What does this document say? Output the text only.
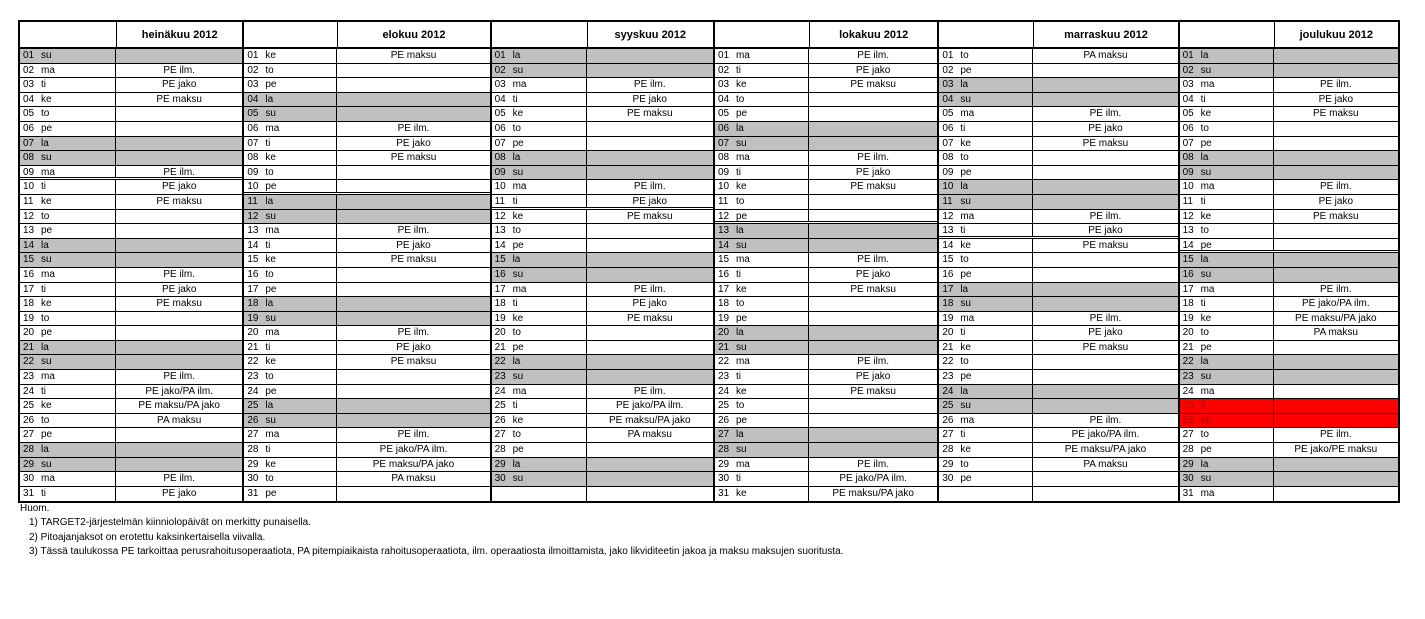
heinäkuu 2012
01 su
02 ma	PE ilm.
03 ti	PE jako
04 ke	PE maksu
05 to
06 pe
07 la
08 su
09 ma	PE ilm.
10 ti	PE jako
11 ke	PE maksu
12 to
13 pe
14 la
15 su
16 ma	PE ilm.
17 ti	PE jako
18 ke	PE maksu
19 to
20 pe
21 la
22 su
23 ma	PE ilm.
24 ti	PE jako/PA ilm.
25 ke	PE maksu/PA jako
26 to	PA maksu
27 pe
28 la
29 su
30 ma	PE ilm.
31 ti	PE jako
elokuu 2012
01 ke	PE maksu
02 to
03 pe
04 la
05 su
06 ma	PE ilm.
07 ti	PE jako
08 ke	PE maksu
09 to
10 pe
11 la
12 su
13 ma	PE ilm.
14 ti	PE jako
15 ke	PE maksu
16 to
17 pe
18 la
19 su
20 ma	PE ilm.
21 ti	PE jako
22 ke	PE maksu
23 to
24 pe
25 la
26 su
27 ma	PE ilm.
28 ti	PE jako/PA ilm.
29 ke	PE maksu/PA jako
30 to	PA maksu
31 pe
syyskuu 2012
01 la
02 su
03 ma	PE ilm.
04 ti	PE jako
05 ke	PE maksu
06 to
07 pe
08 la
09 su
10 ma	PE ilm.
11 ti	PE jako
12 ke	PE maksu
13 to
14 pe
15 la
16 su
17 ma	PE ilm.
18 ti	PE jako
19 ke	PE maksu
20 to
21 pe
22 la
23 su
24 ma	PE ilm.
25 ti	PE jako/PA ilm.
26 ke	PE maksu/PA jako
27 to	PA maksu
28 pe
29 la
30 su
lokakuu 2012
01 ma	PE ilm.
02 ti	PE jako
03 ke	PE maksu
04 to
05 pe
06 la
07 su
08 ma	PE ilm.
09 ti	PE jako
10 ke	PE maksu
11 to
12 pe
13 la
14 su
15 ma	PE ilm.
16 ti	PE jako
17 ke	PE maksu
18 to
19 pe
20 la
21 su
22 ma	PE ilm.
23 ti	PE jako
24 ke	PE maksu
25 to
26 pe
27 la
28 su
29 ma	PE ilm.
30 ti	PE jako/PA ilm.
31 ke	PE maksu/PA jako
marraskuu 2012
01 to	PA maksu
02 pe
03 la
04 su
05 ma	PE ilm.
06 ti	PE jako
07 ke	PE maksu
08 to
09 pe
10 la
11 su
12 ma	PE ilm.
13 ti	PE jako
14 ke	PE maksu
15 to
16 pe
17 la
18 su
19 ma	PE ilm.
20 ti	PE jako
21 ke	PE maksu
22 to
23 pe
24 la
25 su
26 ma	PE ilm.
27 ti	PE jako/PA ilm.
28 ke	PE maksu/PA jako
29 to	PA maksu
30 pe
joulukuu 2012
01 la
02 su
03 ma	PE ilm.
04 ti	PE jako
05 ke	PE maksu
06 to
07 pe
08 la
09 su
10 ma	PE ilm.
11 ti	PE jako
12 ke	PE maksu
13 to
14 pe
15 la
16 su
17 ma	PE ilm.
18 ti	PE jako/PA ilm.
19 ke	PE maksu/PA jako
20 to	PA maksu
21 pe
22 la
23 su
24 ma
25 ti
26 ke
27 to	PE ilm.
28 pe	PE jako/PE maksu
29 la
30 su
31 ma
Huom.
1) TARGET2-järjestelmän kiinniolopäivät on merkitty punaisella.
2) Pitoajanjaksot on erotettu kaksinkertaisella viivalla.
3) Tässä taulukossa PE tarkoittaa perusrahoitusoperaatiota, PA pitempiaikaista rahoitusoperaatiota, ilm. operaatiosta ilmoittamista, jako likviditeetin jakoa ja maksu maksujen suoritusta.
